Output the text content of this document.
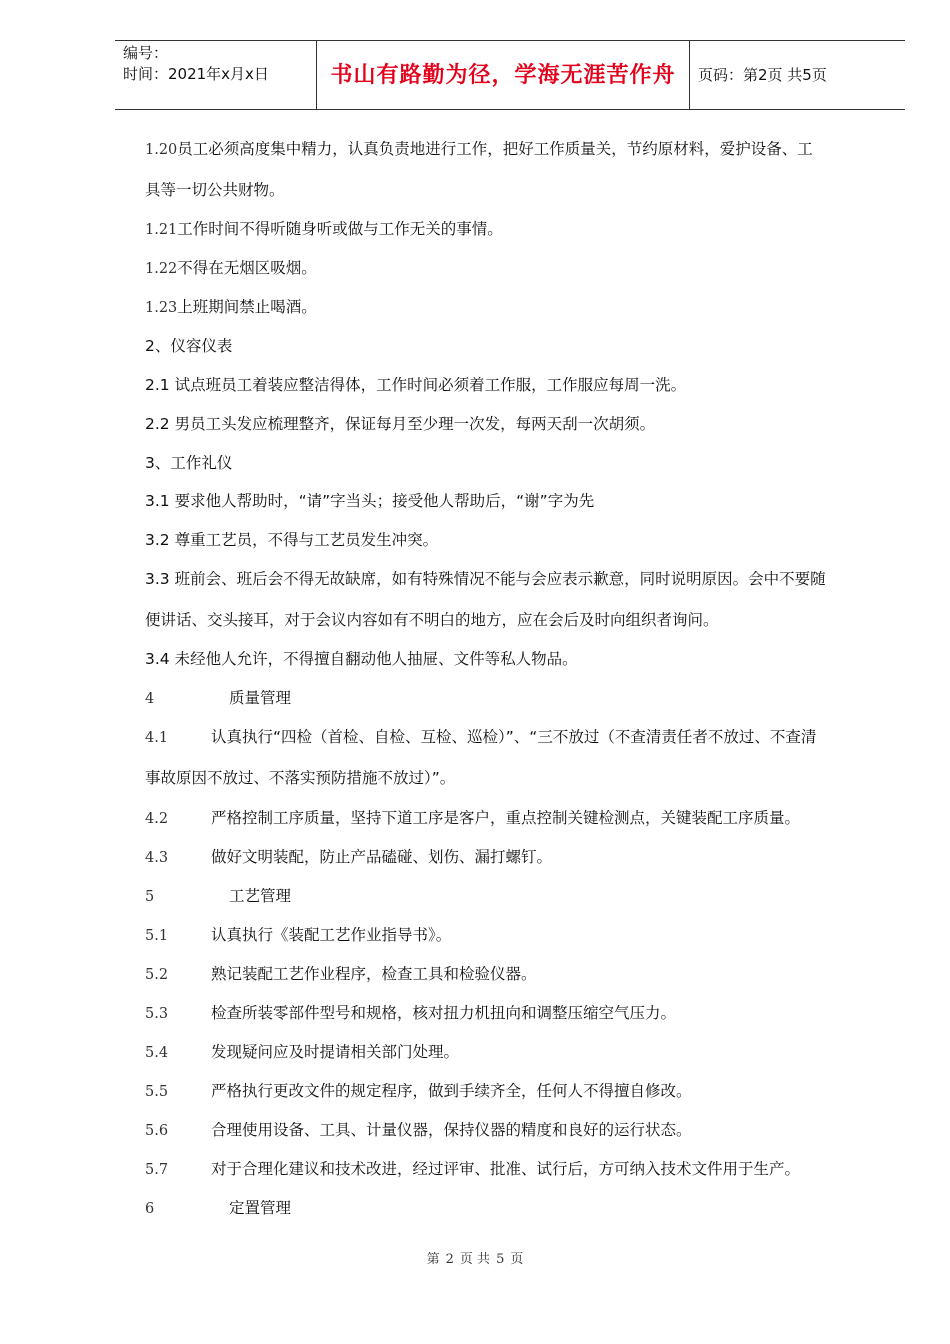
编号：
时间：2021年x月x日	书山有路勤为径，学海无涯苦作舟	页码：第2页 共5页
1.20员工必须高度集中精力，认真负责地进行工作，把好工作质量关，节约原材料，爱护设备、工
具等一切公共财物。
1.21工作时间不得听随身听或做与工作无关的事情。
1.22不得在无烟区吸烟。
1.23上班期间禁止喝酒。
2、仪容仪表
2.1 试点班员工着装应整洁得体，工作时间必须着工作服，工作服应每周一洗。
2.2 男员工头发应梳理整齐，保证每月至少理一次发，每两天刮一次胡须。
3、工作礼仪
3.1 要求他人帮助时，“请”字当头；接受他人帮助后，“谢”字为先
3.2 尊重工艺员，不得与工艺员发生冲突。
3.3 班前会、班后会不得无故缺席，如有特殊情况不能与会应表示歉意，同时说明原因。会中不要随
便讲话、交头接耳，对于会议内容如有不明白的地方，应在会后及时向组织者询问。
3.4 未经他人允许，不得擅自翻动他人抽屉、文件等私人物品。
4	质量管理
4.1	认真执行“四检（首检、自检、互检、巡检）”、“三不放过（不查清责任者不放过、不查清
事故原因不放过、不落实预防措施不放过）”。
4.2	严格控制工序质量，坚持下道工序是客户，重点控制关键检测点，关键装配工序质量。
4.3	做好文明装配，防止产品磕碰、划伤、漏打螺钉。
5	工艺管理
5.1	认真执行《装配工艺作业指导书》。
5.2	熟记装配工艺作业程序，检查工具和检验仪器。
5.3	检查所装零部件型号和规格，核对扭力机扭向和调整压缩空气压力。
5.4	发现疑问应及时提请相关部门处理。
5.5	严格执行更改文件的规定程序，做到手续齐全，任何人不得擅自修改。
5.6	合理使用设备、工具、计量仪器，保持仪器的精度和良好的运行状态。
5.7	对于合理化建议和技术改进，经过评审、批准、试行后，方可纳入技术文件用于生产。
6	定置管理
第 2 页 共 5 页
